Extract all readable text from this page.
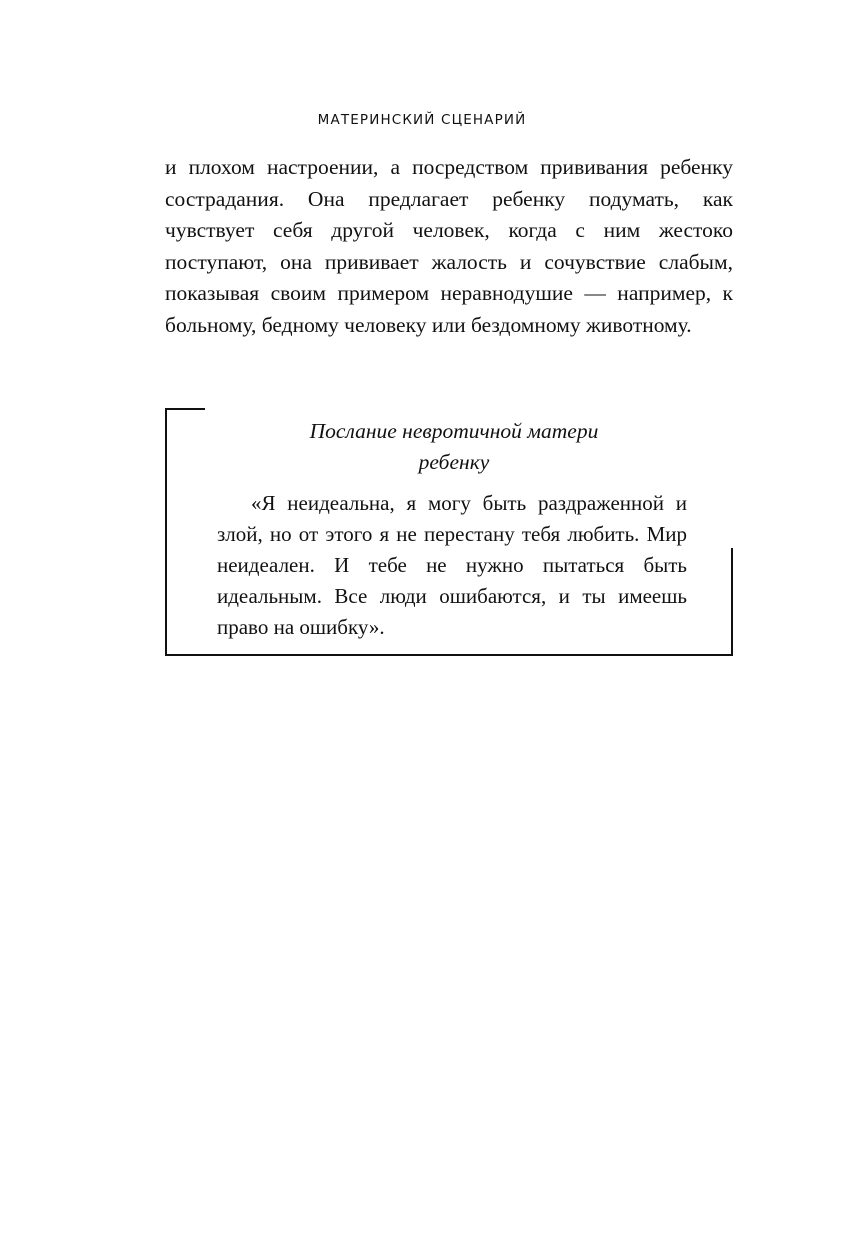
МАТЕРИНСКИЙ СЦЕНАРИЙ

и плохом настроении, а посредством прививания ребенку сострадания. Она предлагает ребенку подумать, как чувствует себя другой человек, когда с ним жестоко поступают, она прививает жалость и сочувствие слабым, показывая своим примером неравнодушие — например, к больному, бедному человеку или бездомному животному.

Послание невротичной матери
ребенку

«Я неидеальна, я могу быть раздраженной и злой, но от этого я не перестану тебя любить. Мир неидеален. И тебе не нужно пытаться быть идеальным. Все люди ошибаются, и ты имеешь право на ошибку».
